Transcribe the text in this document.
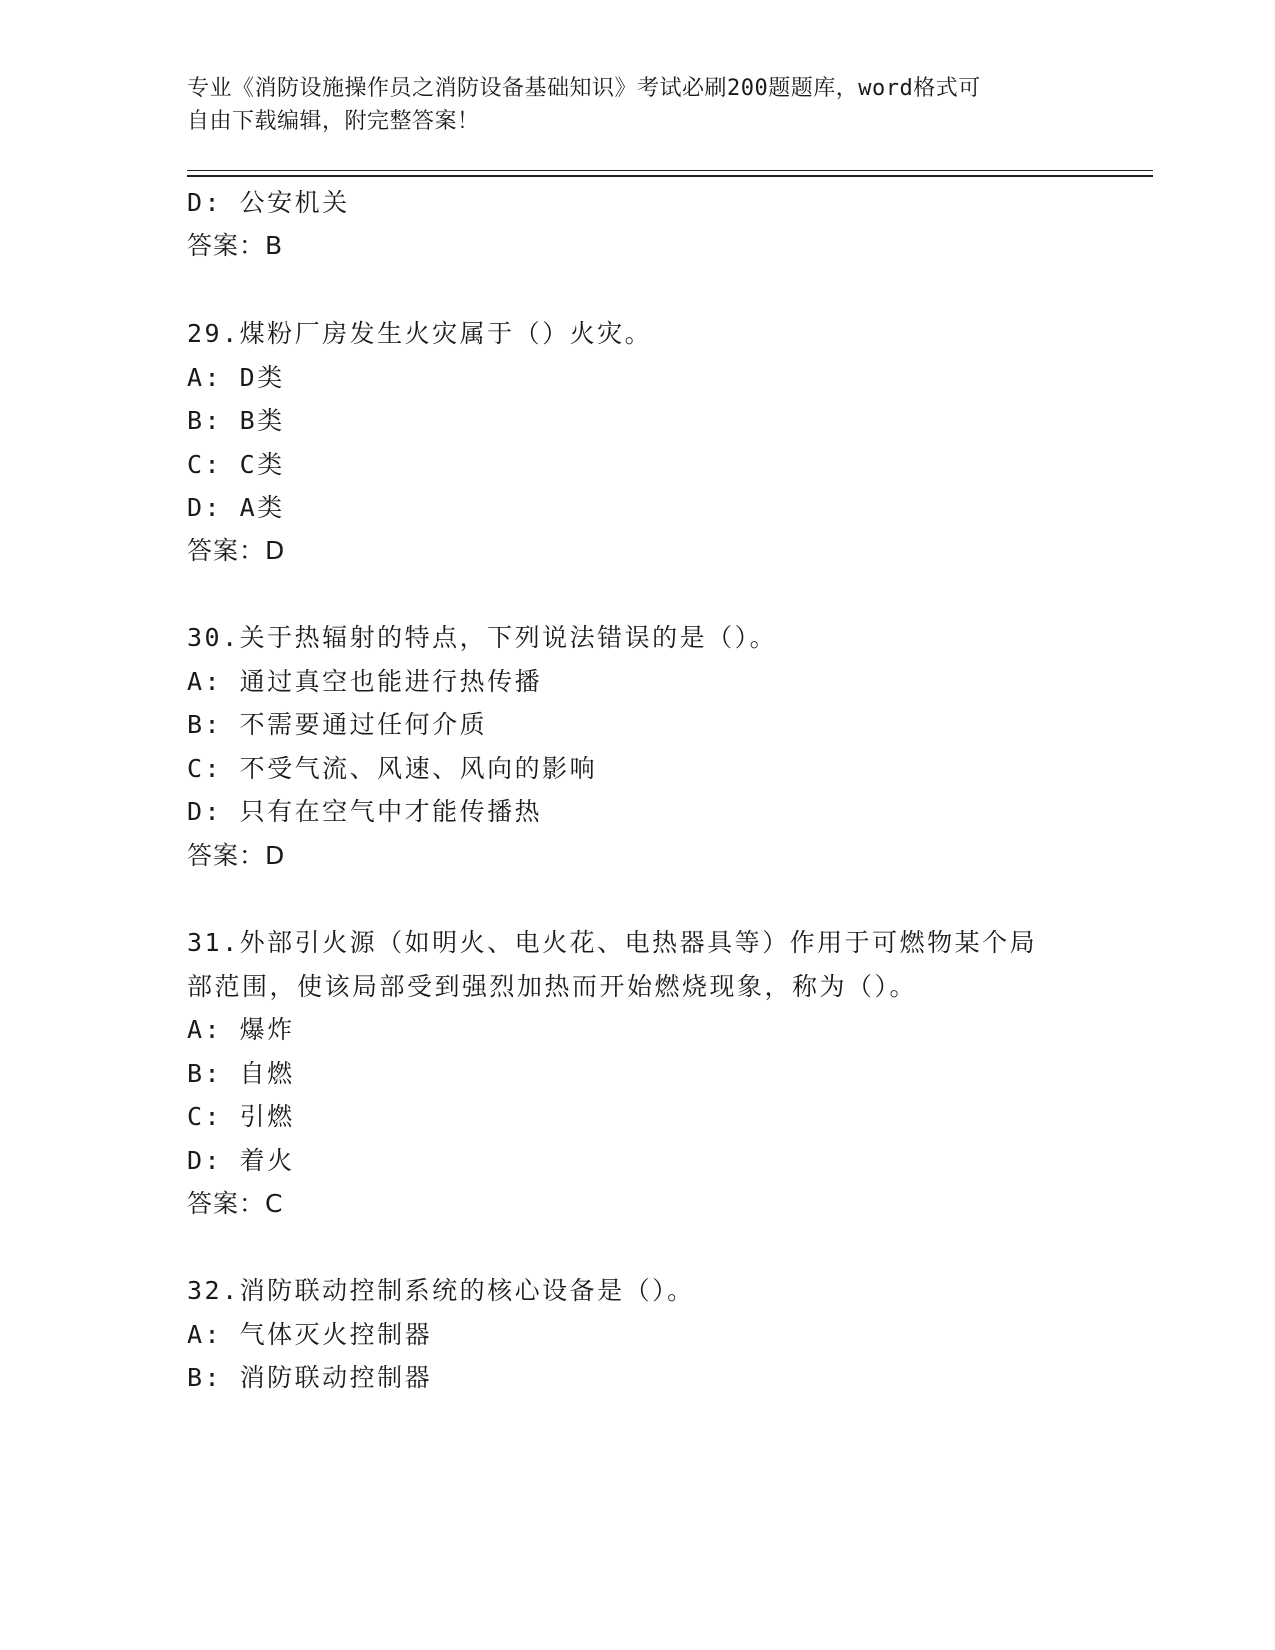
专业《消防设施操作员之消防设备基础知识》考试必刷200题题库，word格式可
自由下载编辑，附完整答案！
D: 公安机关
答案：B
29.煤粉厂房发生火灾属于（）火灾。
A: D类
B: B类
C: C类
D: A类
答案：D
30.关于热辐射的特点，下列说法错误的是（）。
A: 通过真空也能进行热传播
B: 不需要通过任何介质
C: 不受气流、风速、风向的影响
D: 只有在空气中才能传播热
答案：D
31.外部引火源（如明火、电火花、电热器具等）作用于可燃物某个局
部范围，使该局部受到强烈加热而开始燃烧现象，称为（）。
A: 爆炸
B: 自燃
C: 引燃
D: 着火
答案：C
32.消防联动控制系统的核心设备是（）。
A: 气体灭火控制器
B: 消防联动控制器
